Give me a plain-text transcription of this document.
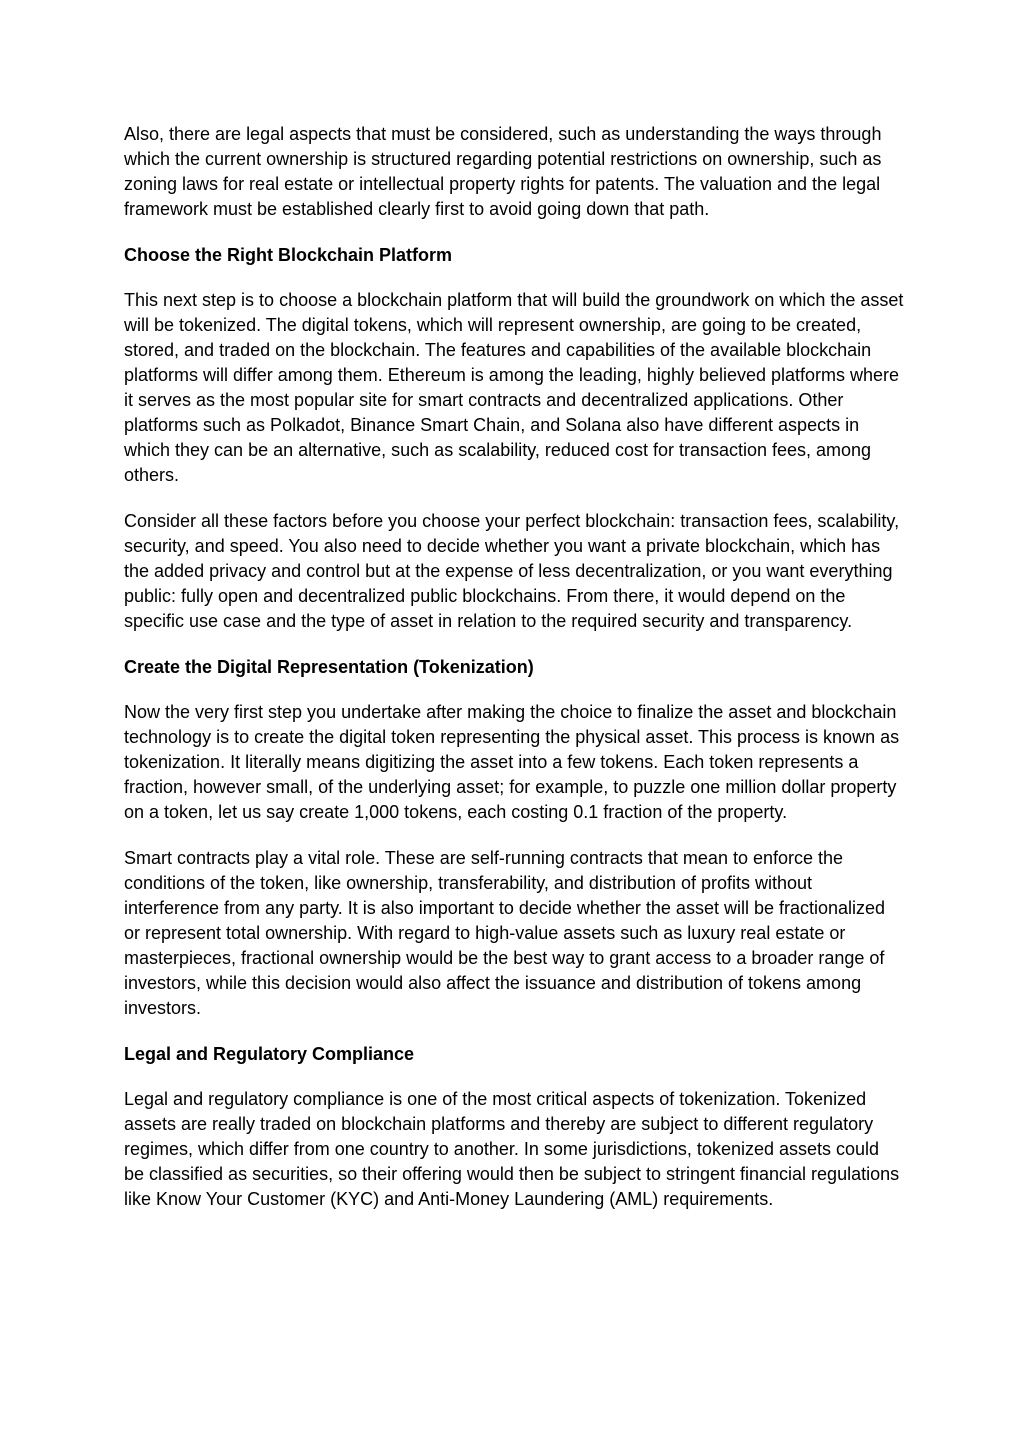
Also, there are legal aspects that must be considered, such as understanding the ways through which the current ownership is structured regarding potential restrictions on ownership, such as zoning laws for real estate or intellectual property rights for patents. The valuation and the legal framework must be established clearly first to avoid going down that path.

Choose the Right Blockchain Platform

This next step is to choose a blockchain platform that will build the groundwork on which the asset will be tokenized. The digital tokens, which will represent ownership, are going to be created, stored, and traded on the blockchain. The features and capabilities of the available blockchain platforms will differ among them. Ethereum is among the leading, highly believed platforms where it serves as the most popular site for smart contracts and decentralized applications. Other platforms such as Polkadot, Binance Smart Chain, and Solana also have different aspects in which they can be an alternative, such as scalability, reduced cost for transaction fees, among others.

Consider all these factors before you choose your perfect blockchain: transaction fees, scalability, security, and speed. You also need to decide whether you want a private blockchain, which has the added privacy and control but at the expense of less decentralization, or you want everything public: fully open and decentralized public blockchains. From there, it would depend on the specific use case and the type of asset in relation to the required security and transparency.

Create the Digital Representation (Tokenization)

Now the very first step you undertake after making the choice to finalize the asset and blockchain technology is to create the digital token representing the physical asset. This process is known as tokenization. It literally means digitizing the asset into a few tokens. Each token represents a fraction, however small, of the underlying asset; for example, to puzzle one million dollar property on a token, let us say create 1,000 tokens, each costing 0.1 fraction of the property.

Smart contracts play a vital role. These are self-running contracts that mean to enforce the conditions of the token, like ownership, transferability, and distribution of profits without interference from any party. It is also important to decide whether the asset will be fractionalized or represent total ownership. With regard to high-value assets such as luxury real estate or masterpieces, fractional ownership would be the best way to grant access to a broader range of investors, while this decision would also affect the issuance and distribution of tokens among investors.

Legal and Regulatory Compliance

Legal and regulatory compliance is one of the most critical aspects of tokenization. Tokenized assets are really traded on blockchain platforms and thereby are subject to different regulatory regimes, which differ from one country to another. In some jurisdictions, tokenized assets could be classified as securities, so their offering would then be subject to stringent financial regulations like Know Your Customer (KYC) and Anti-Money Laundering (AML) requirements.
